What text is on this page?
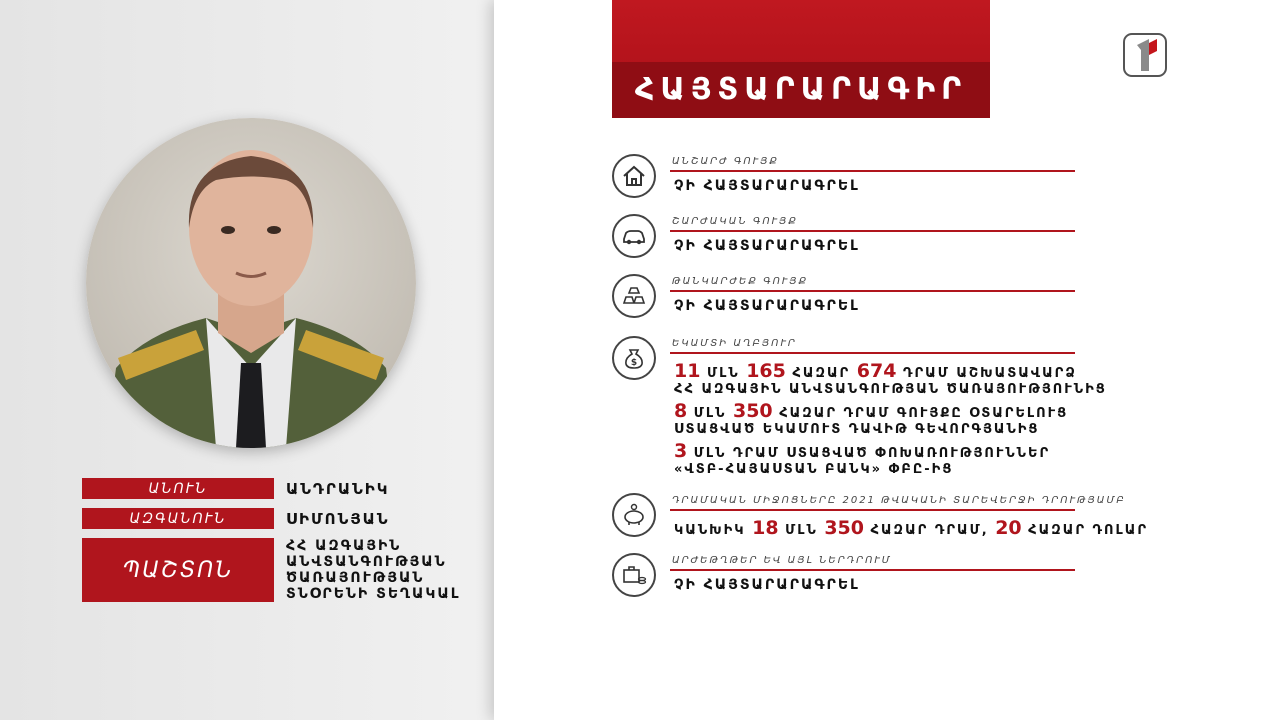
ԱՆՈՒՆ	ԱՆԴՐԱՆԻԿ
ԱԶԳԱՆՈՒՆ	ՍԻՄՈՆՅԱՆ
ՊԱՇՏՈՆ
ՀՀ ԱԶԳԱՅԻՆ
ԱՆՎՏԱՆԳՈՒԹՅԱՆ
ԾԱՌԱՅՈՒԹՅԱՆ
ՏՆՕՐԵՆԻ ՏԵՂԱԿԱԼ
ՀԱՅՏԱՐԱՐԱԳԻՐ
ԱՆՇԱՐԺ ԳՈՒՅՔ
ՉԻ ՀԱՅՏԱՐԱՐԱԳՐԵԼ
ՇԱՐԺԱԿԱՆ ԳՈՒՅՔ
ՉԻ ՀԱՅՏԱՐԱՐԱԳՐԵԼ
ԹԱՆԿԱՐԺԵՔ ԳՈՒՅՔ
ՉԻ ՀԱՅՏԱՐԱՐԱԳՐԵԼ
$
ԵԿԱՄՏԻ ԱՂԲՅՈՒՐ
11 ՄԼՆ 165 ՀԱԶԱՐ 674 ԴՐԱՄ ԱՇԽԱՏԱՎԱՐՁ
ՀՀ ԱԶԳԱՅԻՆ ԱՆՎՏԱՆԳՈՒԹՅԱՆ ԾԱՌԱՅՈՒԹՅՈՒՆԻՑ
8 ՄԼՆ 350 ՀԱԶԱՐ ԴՐԱՄ ԳՈՒՅՔԸ ՕՏԱՐԵԼՈՒՑ
ՍՏԱՑՎԱԾ ԵԿԱՄՈՒՏ ԴԱՎԻԹ ԳԵՎՈՐԳՅԱՆԻՑ
3 ՄԼՆ ԴՐԱՄ ՍՏԱՑՎԱԾ ՓՈԽԱՌՈՒԹՅՈՒՆՆԵՐ
«ՎՏԲ-ՀԱՅԱՍՏԱՆ ԲԱՆԿ» ՓԲԸ-ԻՑ
ԴՐԱՄԱԿԱՆ ՄԻՋՈՑՆԵՐԸ 2021 ԹՎԱԿԱՆԻ ՏԱՐԵՎԵՐՋԻ ԴՐՈՒԹՅԱՄԲ
ԿԱՆԽԻԿ 18 ՄԼՆ 350 ՀԱԶԱՐ ԴՐԱՄ, 20 ՀԱԶԱՐ ԴՈԼԱՐ
ԱՐԺԵԹՂԹԵՐ ԵՎ ԱՅԼ ՆԵՐԴՐՈՒՄ
ՉԻ ՀԱՅՏԱՐԱՐԱԳՐԵԼ
